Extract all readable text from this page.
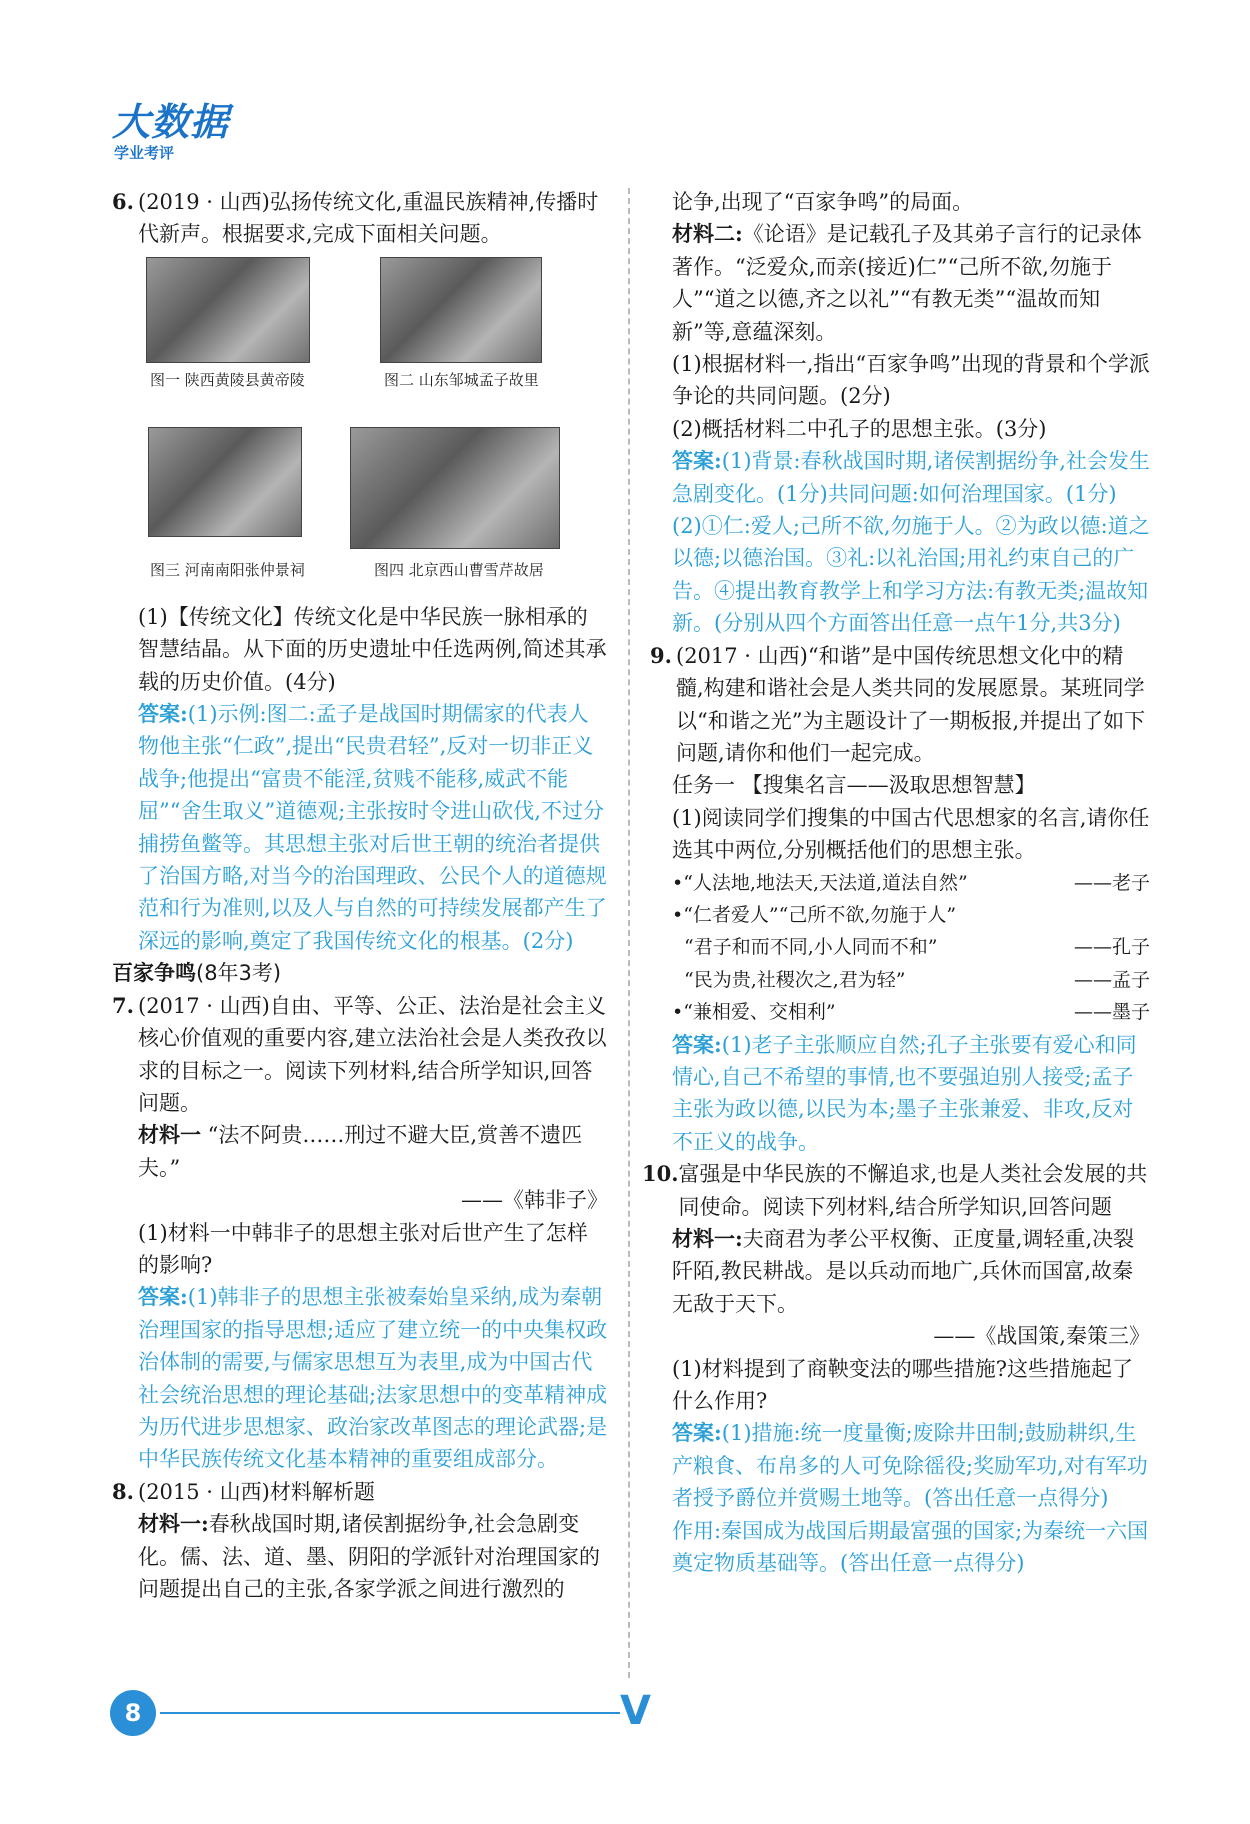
大数据
学业考评
6. (2019 · 山西)弘扬传统文化,重温民族精神,传播时代新声。根据要求,完成下面相关问题。
图一 陕西黄陵县黄帝陵	图二 山东邹城孟子故里
图三 河南南阳张仲景祠	图四 北京西山曹雪芹故居

(1)【传统文化】传统文化是中华民族一脉相承的智慧结晶。从下面的历史遗址中任选两例,简述其承载的历史价值。(4分)

答案:(1)示例:图二:孟子是战国时期儒家的代表人物他主张“仁政”,提出“民贵君轻”,反对一切非正义战争;他提出“富贵不能淫,贫贱不能移,威武不能屈”“舍生取义”道德观;主张按时令进山砍伐,不过分捕捞鱼鳖等。其思想主张对后世王朝的统治者提供了治国方略,对当今的治国理政、公民个人的道德规范和行为准则,以及人与自然的可持续发展都产生了深远的影响,奠定了我国传统文化的根基。(2分)

百家争鸣(8年3考)

7. (2017 · 山西)自由、平等、公正、法治是社会主义核心价值观的重要内容,建立法治社会是人类孜孜以求的目标之一。阅读下列材料,结合所学知识,回答问题。

材料一 “法不阿贵……刑过不避大臣,赏善不遗匹夫。”

——《韩非子》

(1)材料一中韩非子的思想主张对后世产生了怎样的影响?

答案:(1)韩非子的思想主张被秦始皇采纳,成为秦朝治理国家的指导思想;适应了建立统一的中央集权政治体制的需要,与儒家思想互为表里,成为中国古代社会统治思想的理论基础;法家思想中的变革精神成为历代进步思想家、政治家改革图志的理论武器;是中华民族传统文化基本精神的重要组成部分。

8. (2015 · 山西)材料解析题

材料一:春秋战国时期,诸侯割据纷争,社会急剧变化。儒、法、道、墨、阴阳的学派针对治理国家的问题提出自己的主张,各家学派之间进行激烈的

论争,出现了“百家争鸣”的局面。

材料二:《论语》是记载孔子及其弟子言行的记录体著作。“泛爱众,而亲(接近)仁”“己所不欲,勿施于人”“道之以德,齐之以礼”“有教无类”“温故而知新”等,意蕴深刻。

(1)根据材料一,指出“百家争鸣”出现的背景和个学派争论的共同问题。(2分)

(2)概括材料二中孔子的思想主张。(3分)

答案:(1)背景:春秋战国时期,诸侯割据纷争,社会发生急剧变化。(1分)共同问题:如何治理国家。(1分)(2)①仁:爱人;己所不欲,勿施于人。②为政以德:道之以德;以德治国。③礼:以礼治国;用礼约束自己的广告。④提出教育教学上和学习方法:有教无类;温故知新。(分别从四个方面答出任意一点午1分,共3分)

9. (2017 · 山西)“和谐”是中国传统思想文化中的精髓,构建和谐社会是人类共同的发展愿景。某班同学以“和谐之光”为主题设计了一期板报,并提出了如下问题,请你和他们一起完成。

任务一 【搜集名言——汲取思想智慧】

(1)阅读同学们搜集的中国古代思想家的名言,请你任选其中两位,分别概括他们的思想主张。

•“人法地,地法天,天法道,道法自然”	——老子
•“仁者爱人”“己所不欲,勿施于人”
“君子和而不同,小人同而不和”	——孔子
“民为贵,社稷次之,君为轻”	——孟子
•“兼相爱、交相利”	——墨子

答案:(1)老子主张顺应自然;孔子主张要有爱心和同情心,自己不希望的事情,也不要强迫别人接受;孟子主张为政以德,以民为本;墨子主张兼爱、非攻,反对不正义的战争。

10. 富强是中华民族的不懈追求,也是人类社会发展的共同使命。阅读下列材料,结合所学知识,回答问题

材料一:夫商君为孝公平权衡、正度量,调轻重,决裂阡陌,教民耕战。是以兵动而地广,兵休而国富,故秦无敌于天下。

——《战国策,秦策三》

(1)材料提到了商鞅变法的哪些措施?这些措施起了什么作用?

答案:(1)措施:统一度量衡;废除井田制;鼓励耕织,生产粮食、布帛多的人可免除徭役;奖励军功,对有军功者授予爵位并赏赐土地等。(答出任意一点得分)

作用:秦国成为战国后期最富强的国家;为秦统一六国奠定物质基础等。(答出任意一点得分)

8	V
